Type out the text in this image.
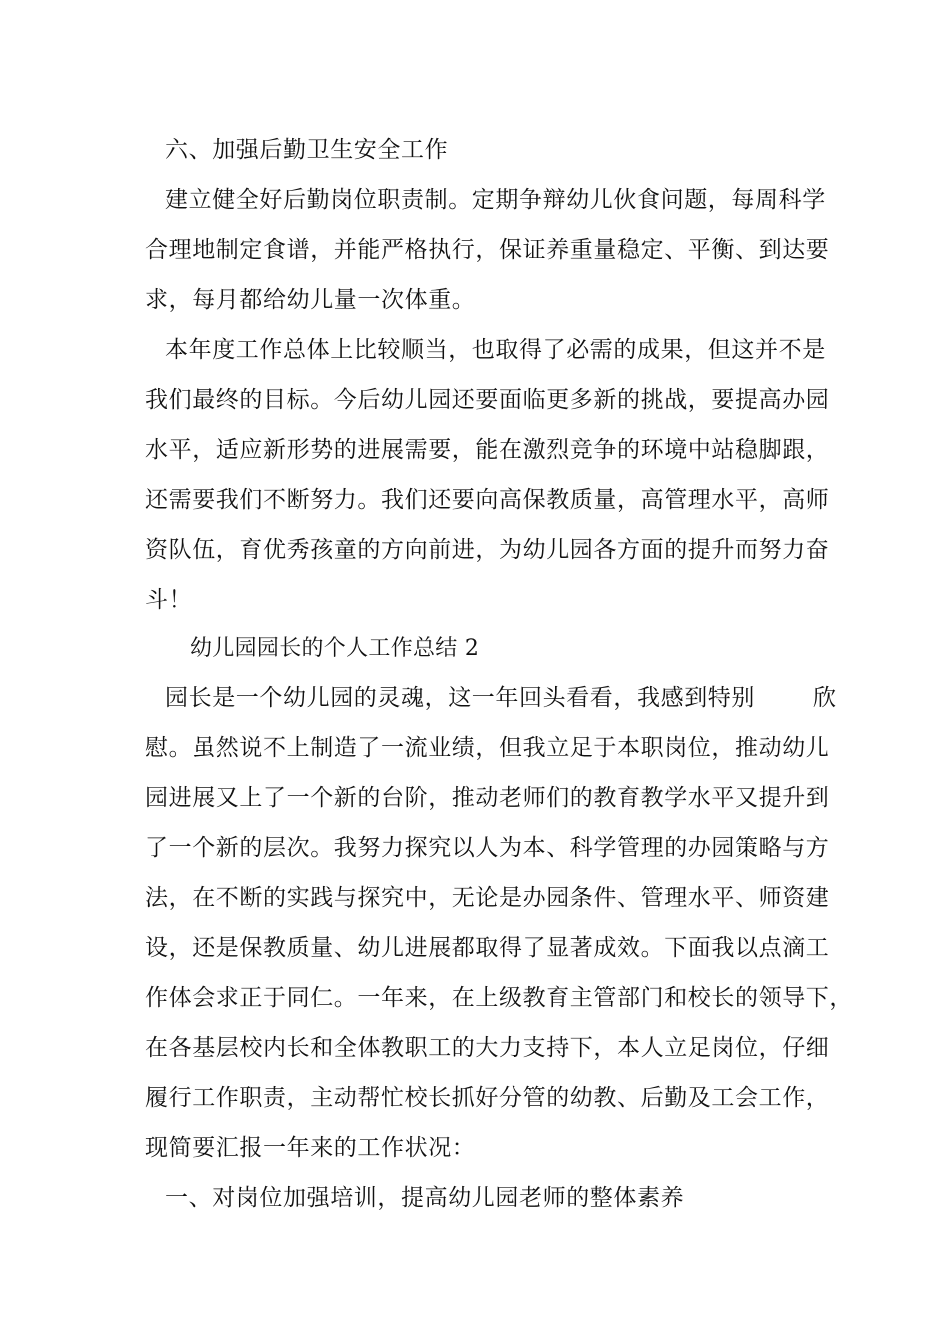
六、加强后勤卫生安全工作
建立健全好后勤岗位职责制。定期争辩幼儿伙食问题，每周科学
合理地制定食谱，并能严格执行，保证养重量稳定、平衡、到达要
求，每月都给幼儿量一次体重。
本年度工作总体上比较顺当，也取得了必需的成果，但这并不是
我们最终的目标。今后幼儿园还要面临更多新的挑战，要提高办园
水平，适应新形势的进展需要，能在激烈竞争的环境中站稳脚跟，
还需要我们不断努力。我们还要向高保教质量，高管理水平，高师
资队伍，育优秀孩童的方向前进，为幼儿园各方面的提升而努力奋
斗！
幼儿园园长的个人工作总结 2
园长是一个幼儿园的灵魂，这一年回头看看，我感到特别	欣
慰。虽然说不上制造了一流业绩，但我立足于本职岗位，推动幼儿
园进展又上了一个新的台阶，推动老师们的教育教学水平又提升到
了一个新的层次。我努力探究以人为本、科学管理的办园策略与方
法，在不断的实践与探究中，无论是办园条件、管理水平、师资建
设，还是保教质量、幼儿进展都取得了显著成效。下面我以点滴工
作体会求正于同仁。一年来，在上级教育主管部门和校长的领导下，
在各基层校内长和全体教职工的大力支持下，本人立足岗位，仔细
履行工作职责，主动帮忙校长抓好分管的幼教、后勤及工会工作，
现简要汇报一年来的工作状况：
一、对岗位加强培训，提高幼儿园老师的整体素养
